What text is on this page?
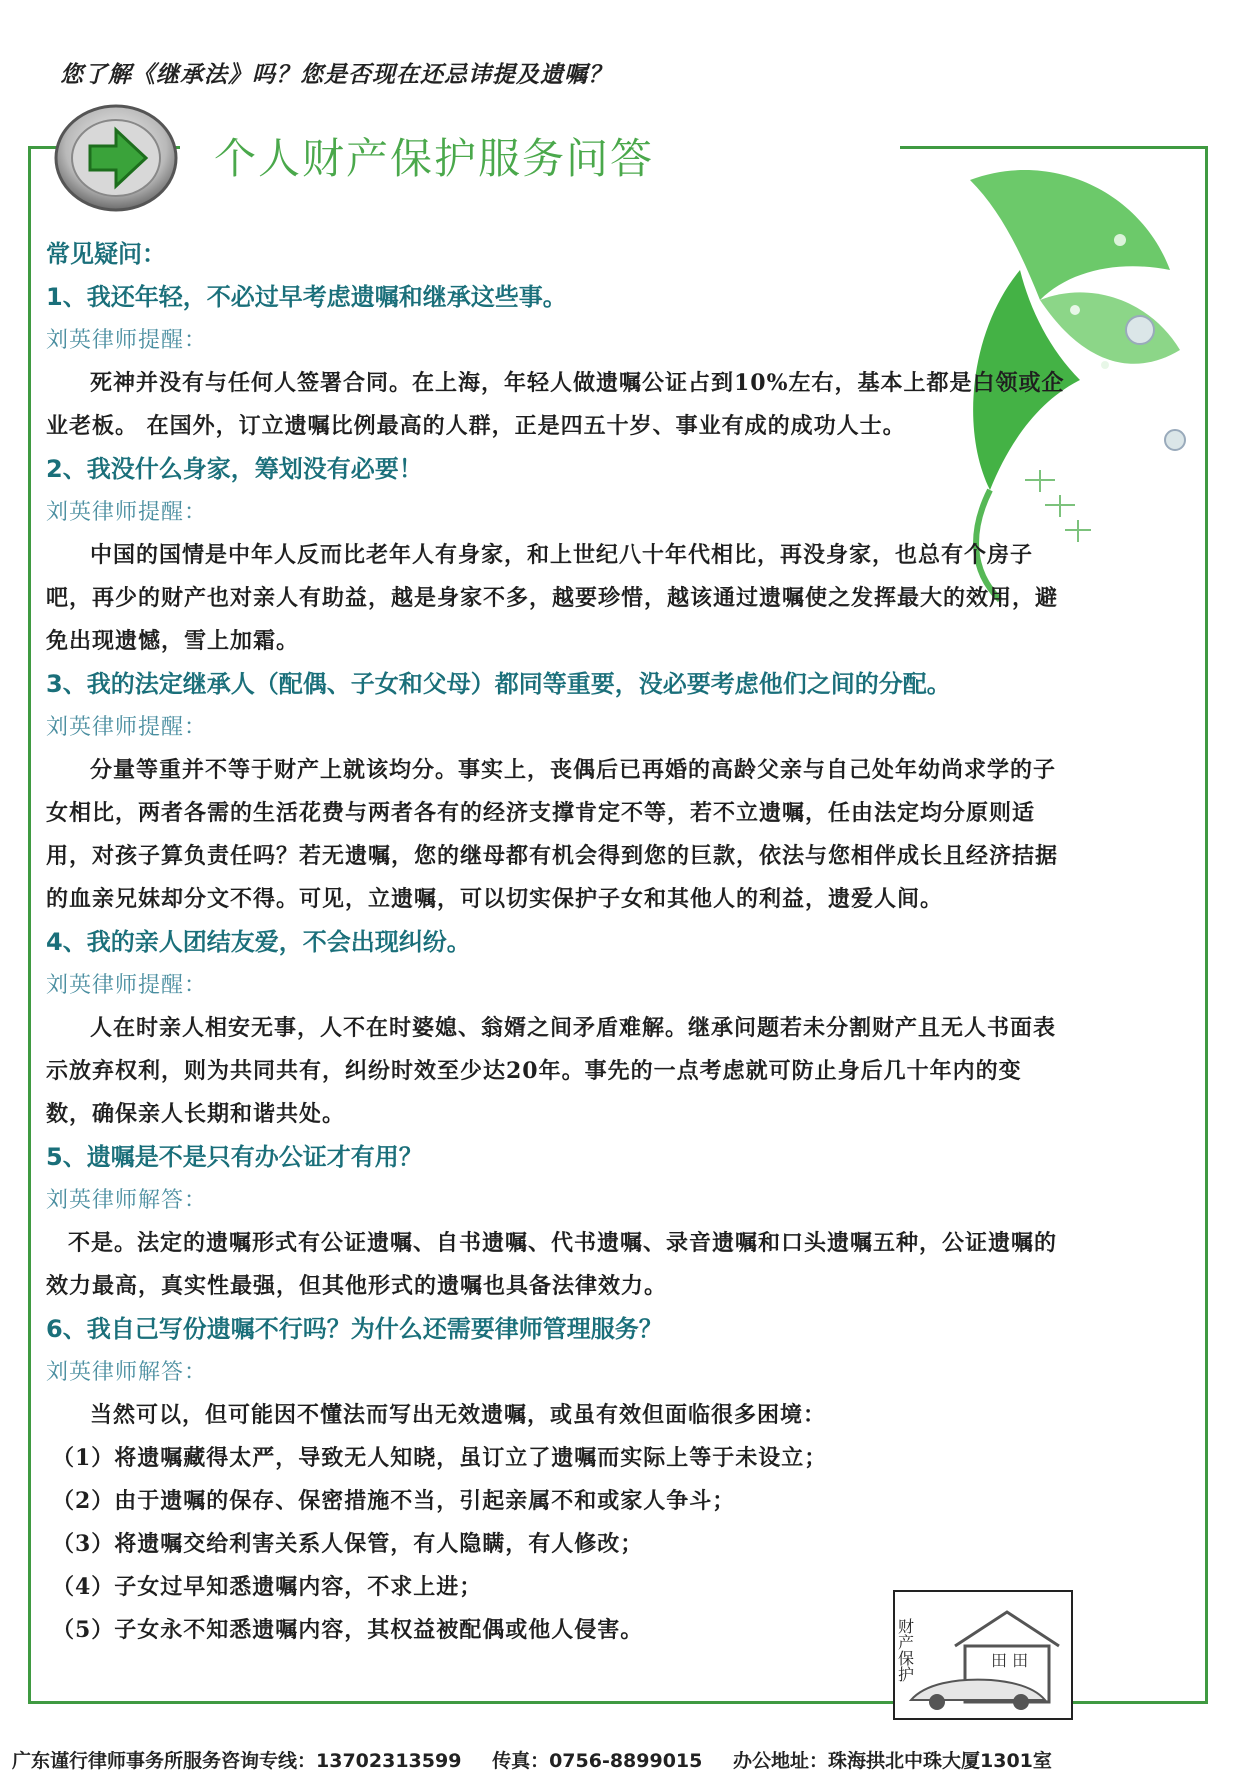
您了解《继承法》吗？您是否现在还忌讳提及遗嘱？
个人财产保护服务问答
常见疑问：
1、我还年轻，不必过早考虑遗嘱和继承这些事。
刘英律师提醒：

死神并没有与任何人签署合同。在上海，年轻人做遗嘱公证占到10%左右，基本上都是白领或企业老板。 在国外，订立遗嘱比例最高的人群，正是四五十岁、事业有成的成功人士。

2、我没什么身家，筹划没有必要！
刘英律师提醒：

中国的国情是中年人反而比老年人有身家，和上世纪八十年代相比，再没身家，也总有个房子吧，再少的财产也对亲人有助益，越是身家不多，越要珍惜，越该通过遗嘱使之发挥最大的效用，避免出现遗憾，雪上加霜。

3、我的法定继承人（配偶、子女和父母）都同等重要，没必要考虑他们之间的分配。
刘英律师提醒：

分量等重并不等于财产上就该均分。事实上，丧偶后已再婚的高龄父亲与自己处年幼尚求学的子女相比，两者各需的生活花费与两者各有的经济支撑肯定不等，若不立遗嘱，任由法定均分原则适用，对孩子算负责任吗？若无遗嘱，您的继母都有机会得到您的巨款，依法与您相伴成长且经济拮据的血亲兄妹却分文不得。可见，立遗嘱，可以切实保护子女和其他人的利益，遗爱人间。

4、我的亲人团结友爱，不会出现纠纷。
刘英律师提醒：

人在时亲人相安无事，人不在时婆媳、翁婿之间矛盾难解。继承问题若未分割财产且无人书面表示放弃权利，则为共同共有，纠纷时效至少达20年。事先的一点考虑就可防止身后几十年内的变数，确保亲人长期和谐共处。

5、遗嘱是不是只有办公证才有用？
刘英律师解答：

不是。法定的遗嘱形式有公证遗嘱、自书遗嘱、代书遗嘱、录音遗嘱和口头遗嘱五种，公证遗嘱的效力最高，真实性最强，但其他形式的遗嘱也具备法律效力。

6、我自己写份遗嘱不行吗？为什么还需要律师管理服务？
刘英律师解答：

当然可以，但可能因不懂法而写出无效遗嘱，或虽有效但面临很多困境：

（1）将遗嘱藏得太严，导致无人知晓，虽订立了遗嘱而实际上等于未设立；
（2）由于遗嘱的保存、保密措施不当，引起亲属不和或家人争斗；
（3）将遗嘱交给利害关系人保管，有人隐瞒，有人修改；
（4）子女过早知悉遗嘱内容，不求上进；
（5）子女永不知悉遗嘱内容，其权益被配偶或他人侵害。	财产保护	田 田
广东谨行律师事务所服务咨询专线：13702313599 传真：0756-8899015 办公地址：珠海拱北中珠大厦1301室
